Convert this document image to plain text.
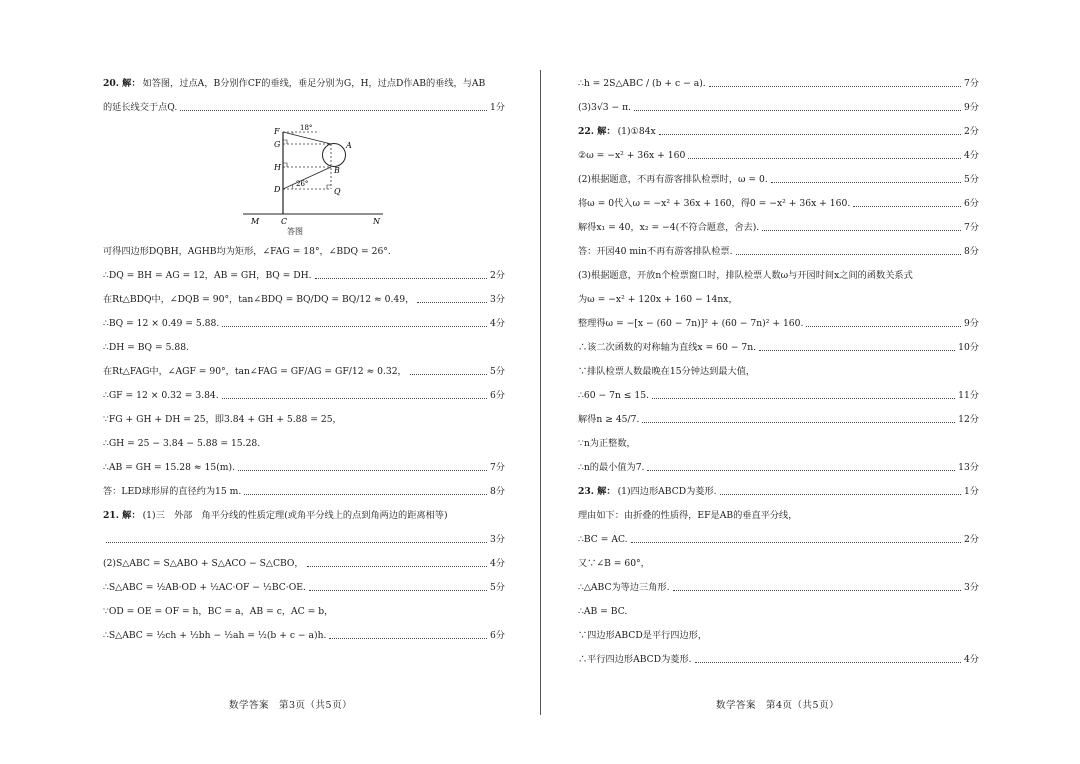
20. 解： 如答图，过点A，B分别作CF的垂线，垂足分别为G，H，过点D作AB的垂线，与AB
的延长线交于点Q.	1分
F
G
H
D
M	C	N
A
B
Q
18°
26°
答图
可得四边形DQBH，AGHB均为矩形，∠FAG = 18°，∠BDQ = 26°.
∴DQ = BH = AG = 12，AB = GH，BQ = DH.	2分
在Rt△BDQ中，∠DQB = 90°，tan∠BDQ = BQ/DQ = BQ/12 ≈ 0.49，	3分
∴BQ = 12 × 0.49 = 5.88.	4分
∴DH = BQ = 5.88.
在Rt△FAG中，∠AGF = 90°，tan∠FAG = GF/AG = GF/12 ≈ 0.32，	5分
∴GF = 12 × 0.32 = 3.84.	6分
∵FG + GH + DH = 25，即3.84 + GH + 5.88 = 25，
∴GH = 25 − 3.84 − 5.88 = 15.28.
∴AB = GH = 15.28 ≈ 15(m).	7分
答：LED球形屏的直径约为15 m.	8分
21. 解： (1)三　外部　角平分线的性质定理(或角平分线上的点到角两边的距离相等)
3分
(2)S△ABC = S△ABO + S△ACO − S△CBO，	4分
∴S△ABC = ½AB·OD + ½AC·OF − ½BC·OE.	5分
∵OD = OE = OF = h，BC = a，AB = c，AC = b，
∴S△ABC = ½ch + ½bh − ½ah = ½(b + c − a)h.	6分
∴h = 2S△ABC / (b + c − a).	7分
(3)3√3 − π.	9分
22. 解： (1)①84x	2分
②ω = −x² + 36x + 160	4分
(2)根据题意，不再有游客排队检票时，ω = 0.	5分
将ω = 0代入ω = −x² + 36x + 160，得0 = −x² + 36x + 160.	6分
解得x₁ = 40，x₂ = −4(不符合题意，舍去).	7分
答：开园40 min不再有游客排队检票.	8分
(3)根据题意，开放n个检票窗口时，排队检票人数ω与开园时间x之间的函数关系式
为ω = −x² + 120x + 160 − 14nx，
整理得ω = −[x − (60 − 7n)]² + (60 − 7n)² + 160.	9分
∴该二次函数的对称轴为直线x = 60 − 7n.	10分
∵排队检票人数最晚在15分钟达到最大值，
∴60 − 7n ≤ 15.	11分
解得n ≥ 45/7.	12分
∵n为正整数，
∴n的最小值为7.	13分
23. 解： (1)四边形ABCD为菱形.	1分
理由如下：由折叠的性质得，EF是AB的垂直平分线，
∴BC = AC.	2分
又∵∠B = 60°，
∴△ABC为等边三角形.	3分
∴AB = BC.
∵四边形ABCD是平行四边形，
∴平行四边形ABCD为菱形.	4分
数学答案　第3页（共5页）	数学答案　第4页（共5页）
